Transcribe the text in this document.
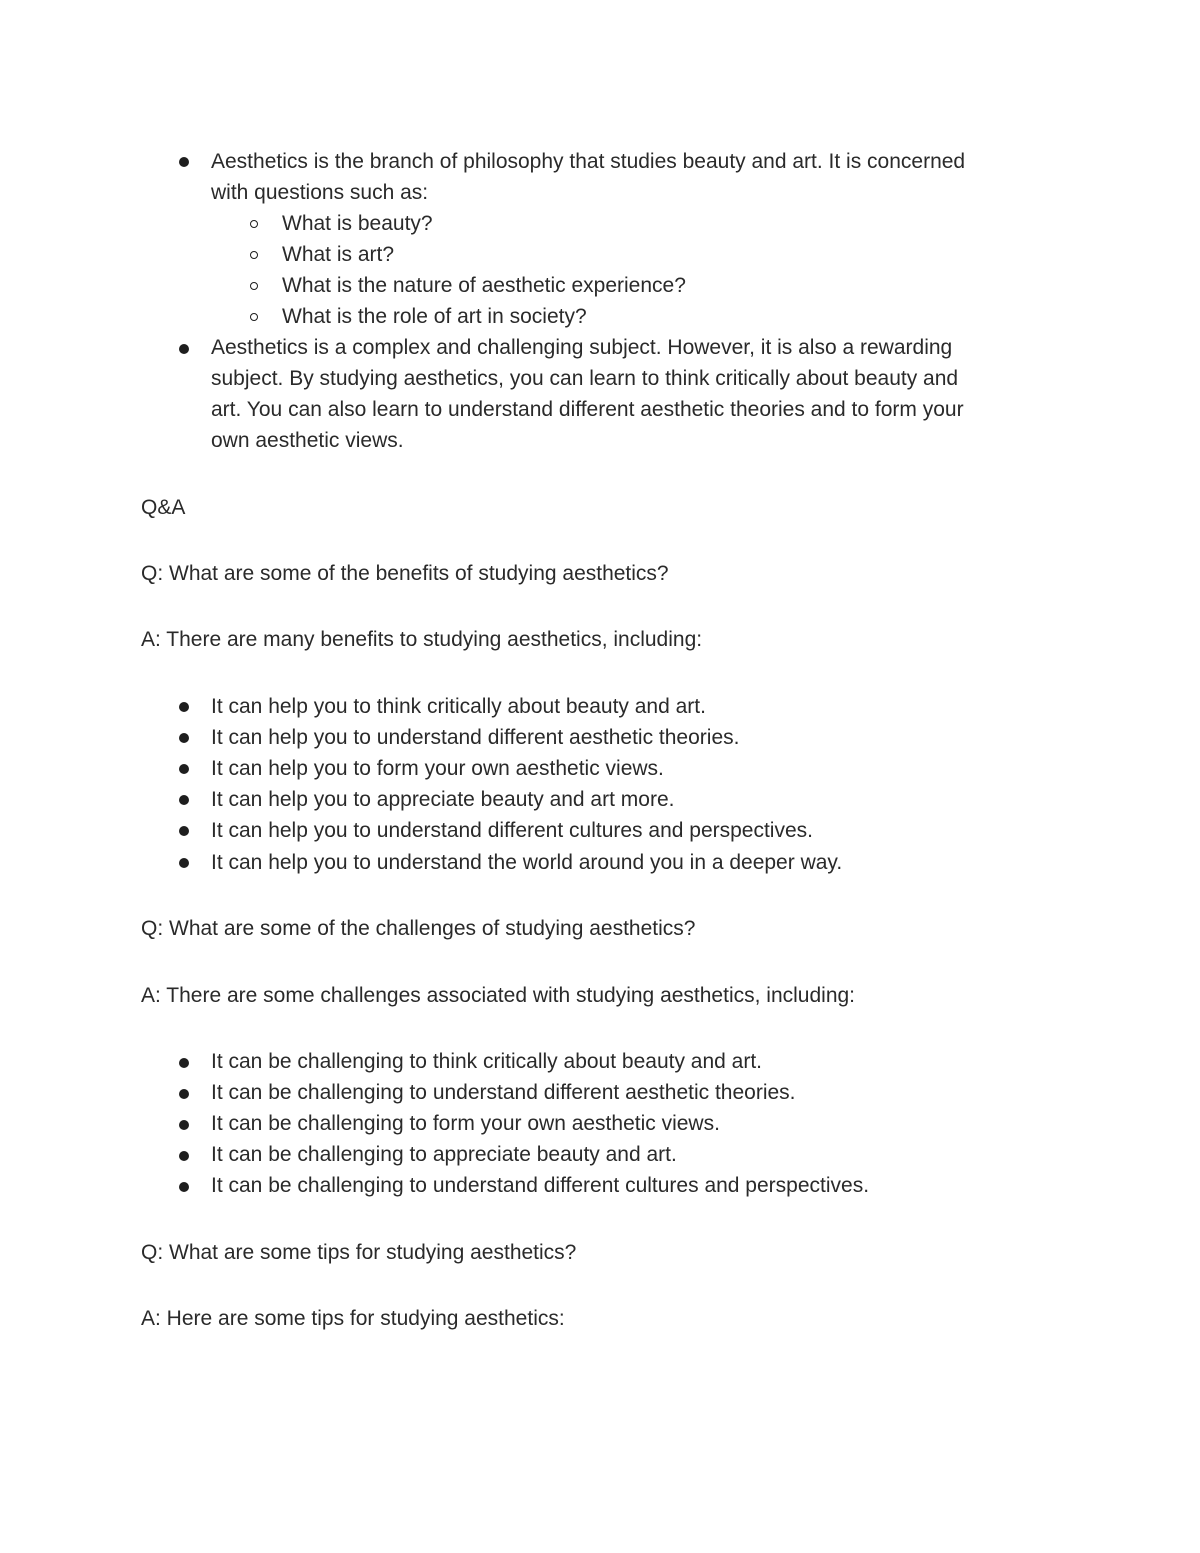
Aesthetics is the branch of philosophy that studies beauty and art. It is concerned
with questions such as:
What is beauty?
What is art?
What is the nature of aesthetic experience?
What is the role of art in society?
Aesthetics is a complex and challenging subject. However, it is also a rewarding
subject. By studying aesthetics, you can learn to think critically about beauty and
art. You can also learn to understand different aesthetic theories and to form your
own aesthetic views.
Q&A
Q: What are some of the benefits of studying aesthetics?
A: There are many benefits to studying aesthetics, including:
It can help you to think critically about beauty and art.
It can help you to understand different aesthetic theories.
It can help you to form your own aesthetic views.
It can help you to appreciate beauty and art more.
It can help you to understand different cultures and perspectives.
It can help you to understand the world around you in a deeper way.
Q: What are some of the challenges of studying aesthetics?
A: There are some challenges associated with studying aesthetics, including:
It can be challenging to think critically about beauty and art.
It can be challenging to understand different aesthetic theories.
It can be challenging to form your own aesthetic views.
It can be challenging to appreciate beauty and art.
It can be challenging to understand different cultures and perspectives.
Q: What are some tips for studying aesthetics?
A: Here are some tips for studying aesthetics:
